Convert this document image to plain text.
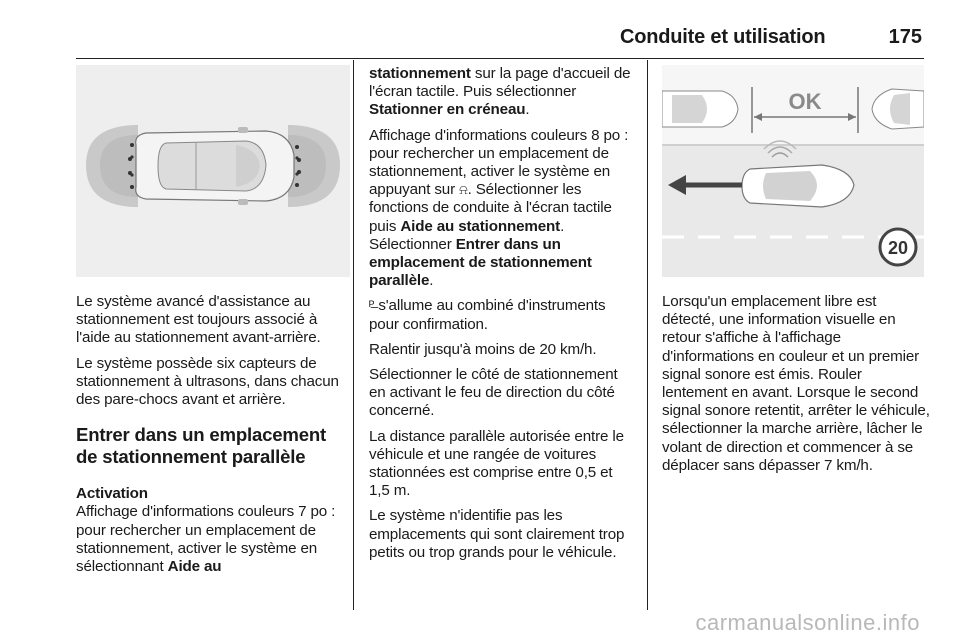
Conduite et utilisation	175
OK
20

Le système avancé d'assistance au stationnement est toujours associé à l'aide au stationnement avant-arrière.

Le système possède six capteurs de stationnement à ultrasons, dans chacun des pare-chocs avant et arrière.

Entrer dans un emplacement de stationnement parallèle

Activation

Affichage d'informations couleurs 7 po : pour rechercher un emplacement de stationnement, activer le système en sélectionnant Aide au

stationnement sur la page d'accueil de l'écran tactile. Puis sélectionner Stationner en créneau.

Affichage d'informations couleurs 8 po : pour rechercher un emplacement de stationnement, activer le système en appuyant sur ⍾. Sélectionner les fonctions de conduite à l'écran tactile puis Aide au stationnement. Sélectionner Entrer dans un emplacement de stationnement parallèle.

ᴾ̶ s'allume au combiné d'instruments pour confirmation.

Ralentir jusqu'à moins de 20 km/h.

Sélectionner le côté de stationnement en activant le feu de direction du côté concerné.

La distance parallèle autorisée entre le véhicule et une rangée de voitures stationnées est comprise entre 0,5 et 1,5 m.

Le système n'identifie pas les emplacements qui sont clairement trop petits ou trop grands pour le véhicule.

Lorsqu'un emplacement libre est détecté, une information visuelle en retour s'affiche à l'affichage d'informations en couleur et un premier signal sonore est émis. Rouler lentement en avant. Lorsque le second signal sonore retentit, arrêter le véhicule, sélectionner la marche arrière, lâcher le volant de direction et commencer à se déplacer sans dépasser 7 km/h.

carmanualsonline.info
